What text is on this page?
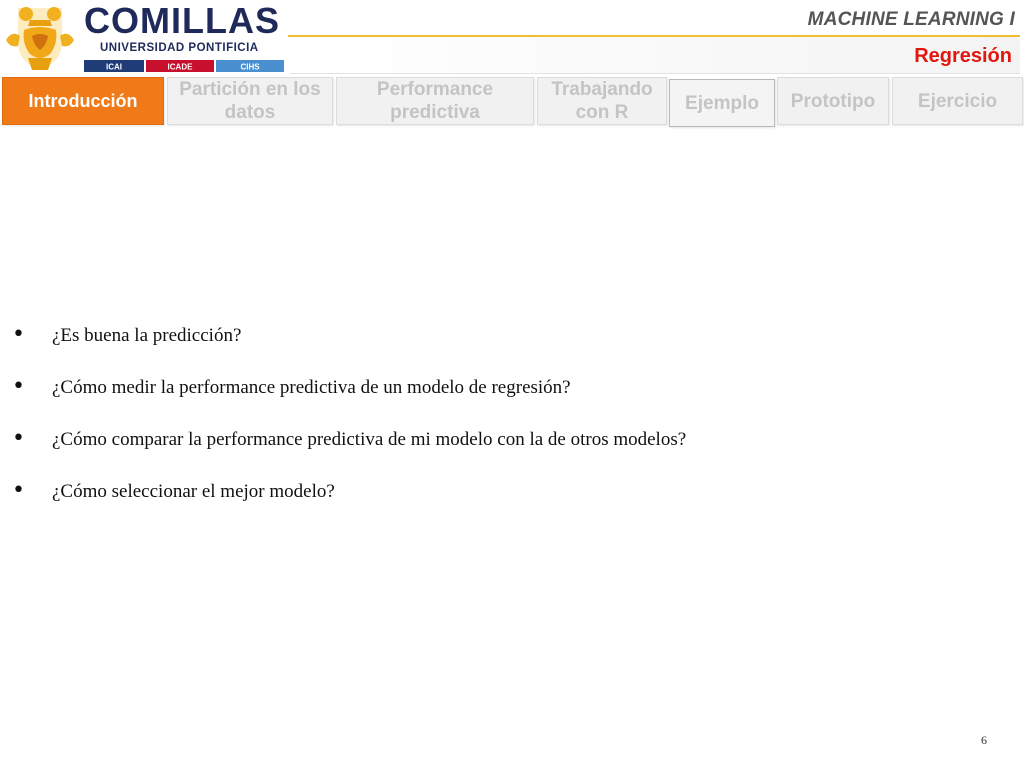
COMILLAS
UNIVERSIDAD PONTIFICIA
ICAI	ICADE	CIHS
MACHINE LEARNING I
Regresión
Introducción
Partición en los datos
Performance predictiva
Trabajando con R	Ejemplo	Prototipo	Ejercicio
•	¿Es buena la predicción?
•	¿Cómo medir la performance predictiva de un modelo de regresión?
•	¿Cómo comparar la performance predictiva de mi modelo con la de otros modelos?
•	¿Cómo seleccionar el mejor modelo?
6
